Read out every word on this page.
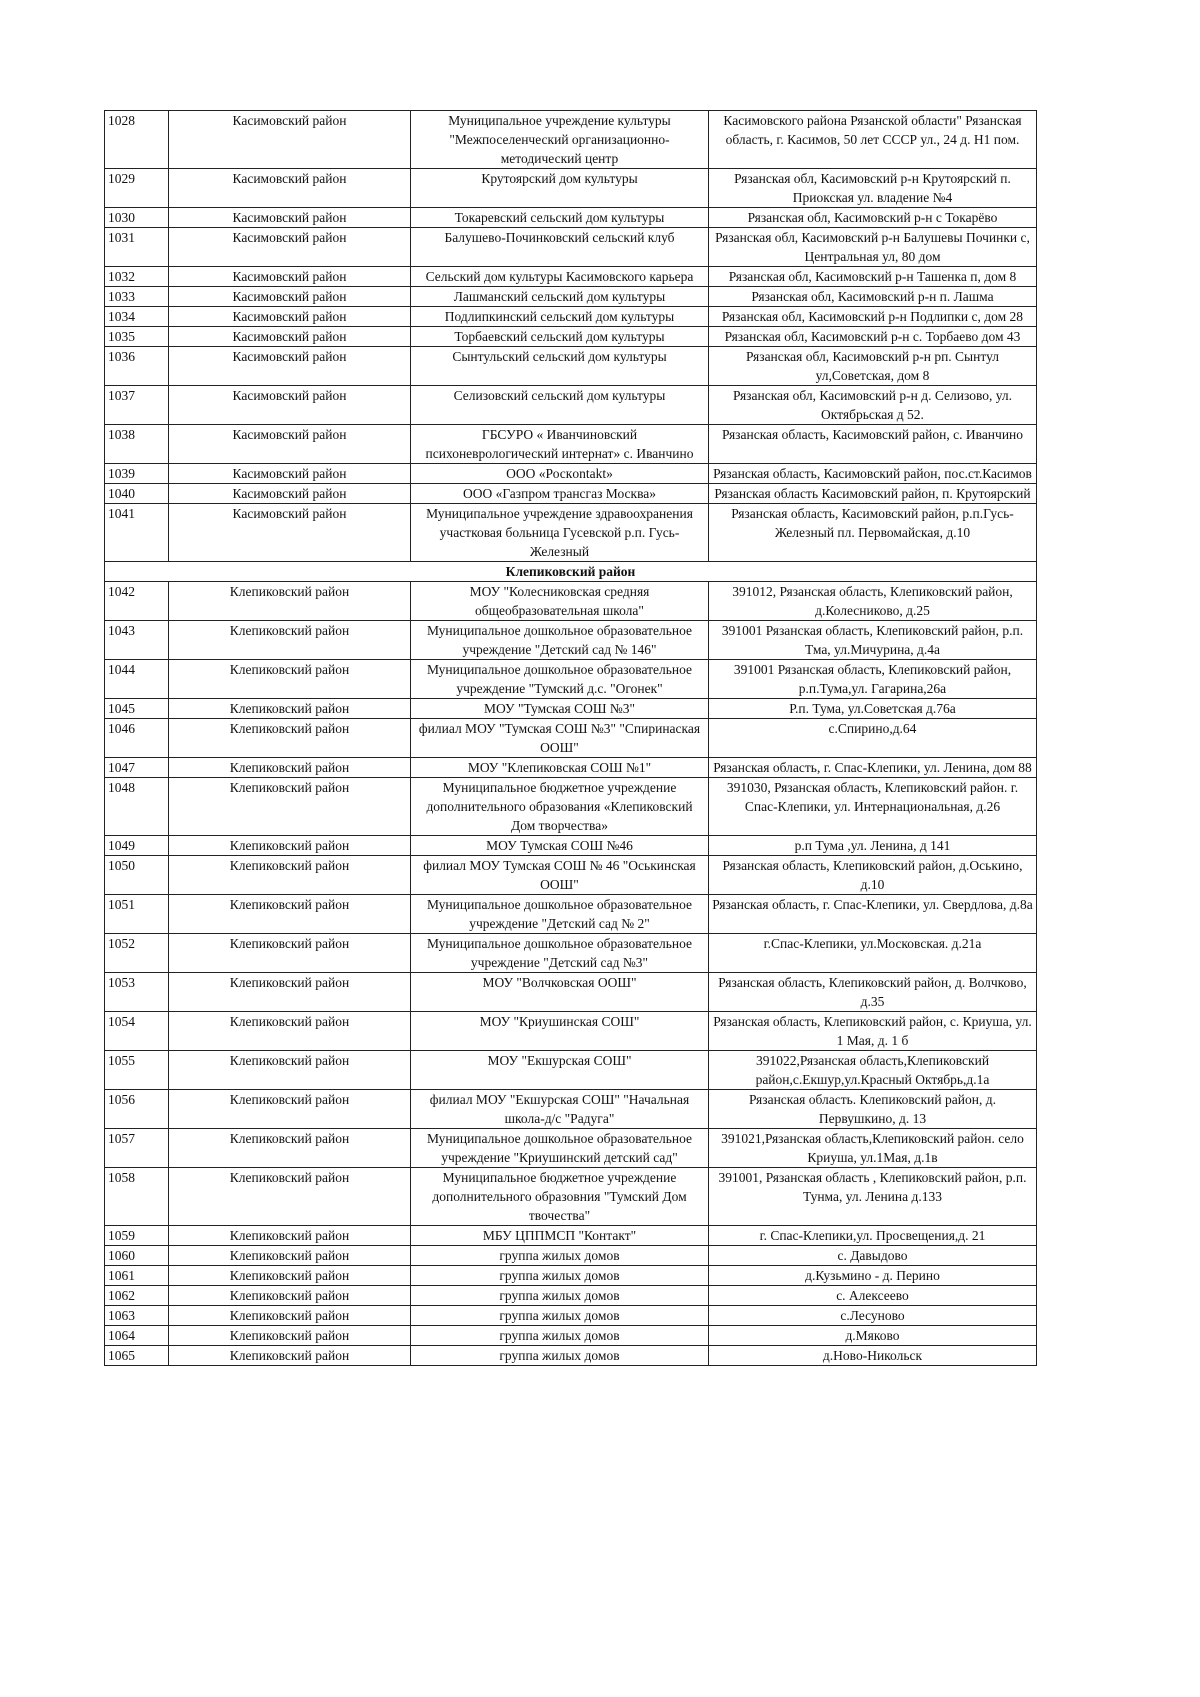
1028	Касимовский район	Муниципальное учреждение культуры "Межпоселенческий организационно-методический центр	Касимовского района Рязанской области" Рязанская область, г. Касимов, 50 лет СССР ул., 24 д. Н1 пом.
1029	Касимовский район	Крутоярский дом культуры	Рязанская обл, Касимовский р-н Крутоярский п. Приокская ул. владение №4
1030	Касимовский район	Токаревский сельский дом культуры	Рязанская обл, Касимовский р-н с Токарёво
1031	Касимовский район	Балушево-Починковский сельский клуб	Рязанская обл, Касимовский р-н Балушевы Починки с, Центральная ул, 80 дом
1032	Касимовский район	Сельский дом культуры Касимовского карьера	Рязанская обл, Касимовский р-н Ташенка п, дом 8
1033	Касимовский район	Лашманский сельский дом культуры	Рязанская обл, Касимовский р-н п. Лашма
1034	Касимовский район	Подлипкинский сельский дом культуры	Рязанская обл, Касимовский р-н Подлипки с, дом 28
1035	Касимовский район	Торбаевский сельский дом культуры	Рязанская обл, Касимовский р-н с. Торбаево дом 43
1036	Касимовский район	Сынтульский сельский дом культуры	Рязанская обл, Касимовский р-н рп. Сынтул ул,Советская, дом 8
1037	Касимовский район	Селизовский сельский дом культуры	Рязанская обл, Касимовский р-н д. Селизово, ул. Октябрьская д 52.
1038	Касимовский район	ГБСУРО « Иванчиновский психоневрологический интернат» с. Иванчино	Рязанская область, Касимовский район, с. Иванчино
1039	Касимовский район	ООО «Роскontakt»	Рязанская область, Касимовский район, пос.ст.Касимов
1040	Касимовский район	ООО «Газпром трансгаз Москва»	Рязанская область Касимовский район, п. Крутоярский
1041	Касимовский район	Муниципальное учреждение здравоохранения участковая больница Гусевской р.п. Гусь-Железный	Рязанская область, Касимовский район, р.п.Гусь-Железный пл. Первомайская, д.10
Клепиковский район			
1042	Клепиковский район	МОУ "Колесниковская средняя общеобразовательная школа"	391012, Рязанская область, Клепиковский район, д.Колесниково, д.25
1043	Клепиковский район	Муниципальное дошкольное образовательное учреждение "Детский сад № 146"	391001 Рязанская область, Клепиковский район, р.п. Тма, ул.Мичурина, д.4а
1044	Клепиковский район	Муниципальное дошкольное образовательное учреждение "Тумский д.с. "Огонек"	391001 Рязанская область, Клепиковский район, р.п.Тума,ул. Гагарина,26а
1045	Клепиковский район	МОУ "Тумская СОШ №3"	Р.п. Тума, ул.Советская д.76а
1046	Клепиковский район	филиал МОУ "Тумская СОШ №3" "Спиринаская ООШ"	с.Спирино,д.64
1047	Клепиковский район	МОУ "Клепиковская СОШ №1"	Рязанская область, г. Спас-Клепики, ул. Ленина, дом 88
1048	Клепиковский район	Муниципальное бюджетное учреждение дополнительного образования «Клепиковский Дом творчества»	391030, Рязанская область, Клепиковский район. г. Спас-Клепики, ул. Интернациональная, д.26
1049	Клепиковский район	МОУ Тумская СОШ №46	р.п Тума ,ул. Ленина, д 141
1050	Клепиковский район	филиал МОУ Тумская СОШ № 46 "Оськинская ООШ"	Рязанская область, Клепиковский район, д.Оськино, д.10
1051	Клепиковский район	Муниципальное дошкольное образовательное учреждение "Детский сад № 2"	Рязанская область, г. Спас-Клепики, ул. Свердлова, д.8а
1052	Клепиковский район	Муниципальное дошкольное образовательное учреждение "Детский сад №3"	г.Спас-Клепики, ул.Московская. д.21а
1053	Клепиковский район	МОУ "Волчковская ООШ"	Рязанская область, Клепиковский район, д. Волчково, д.35
1054	Клепиковский район	МОУ "Криушинская СОШ"	Рязанская область, Клепиковский район, с. Криуша, ул. 1 Мая, д. 1 б
1055	Клепиковский район	МОУ "Екшурская СОШ"	391022,Рязанская область,Клепиковский район,с.Екшур,ул.Красный Октябрь,д.1а
1056	Клепиковский район	филиал МОУ "Екшурская СОШ" "Начальная школа-д/с "Радуга"	Рязанская область. Клепиковский район, д. Первушкино, д. 13
1057	Клепиковский район	Муниципальное дошкольное образовательное учреждение "Криушинский детский сад"	391021,Рязанская область,Клепиковский район. село Криуша, ул.1Мая, д.1в
1058	Клепиковский район	Муниципальное бюджетное учреждение дополнительного образовния "Тумский Дом твочества"	391001, Рязанская область , Клепиковский район, р.п. Тунма, ул. Ленина д.133
1059	Клепиковский район	МБУ ЦППМСП "Контакт"	г. Спас-Клепики,ул. Просвещения,д. 21
1060	Клепиковский район	группа жилых домов	с. Давыдово
1061	Клепиковский район	группа жилых домов	д.Кузьмино - д. Перино
1062	Клепиковский район	группа жилых домов	с. Алексеево
1063	Клепиковский район	группа жилых домов	с.Лесуново
1064	Клепиковский район	группа жилых домов	д.Мяково
1065	Клепиковский район	группа жилых домов	д.Ново-Никольск
